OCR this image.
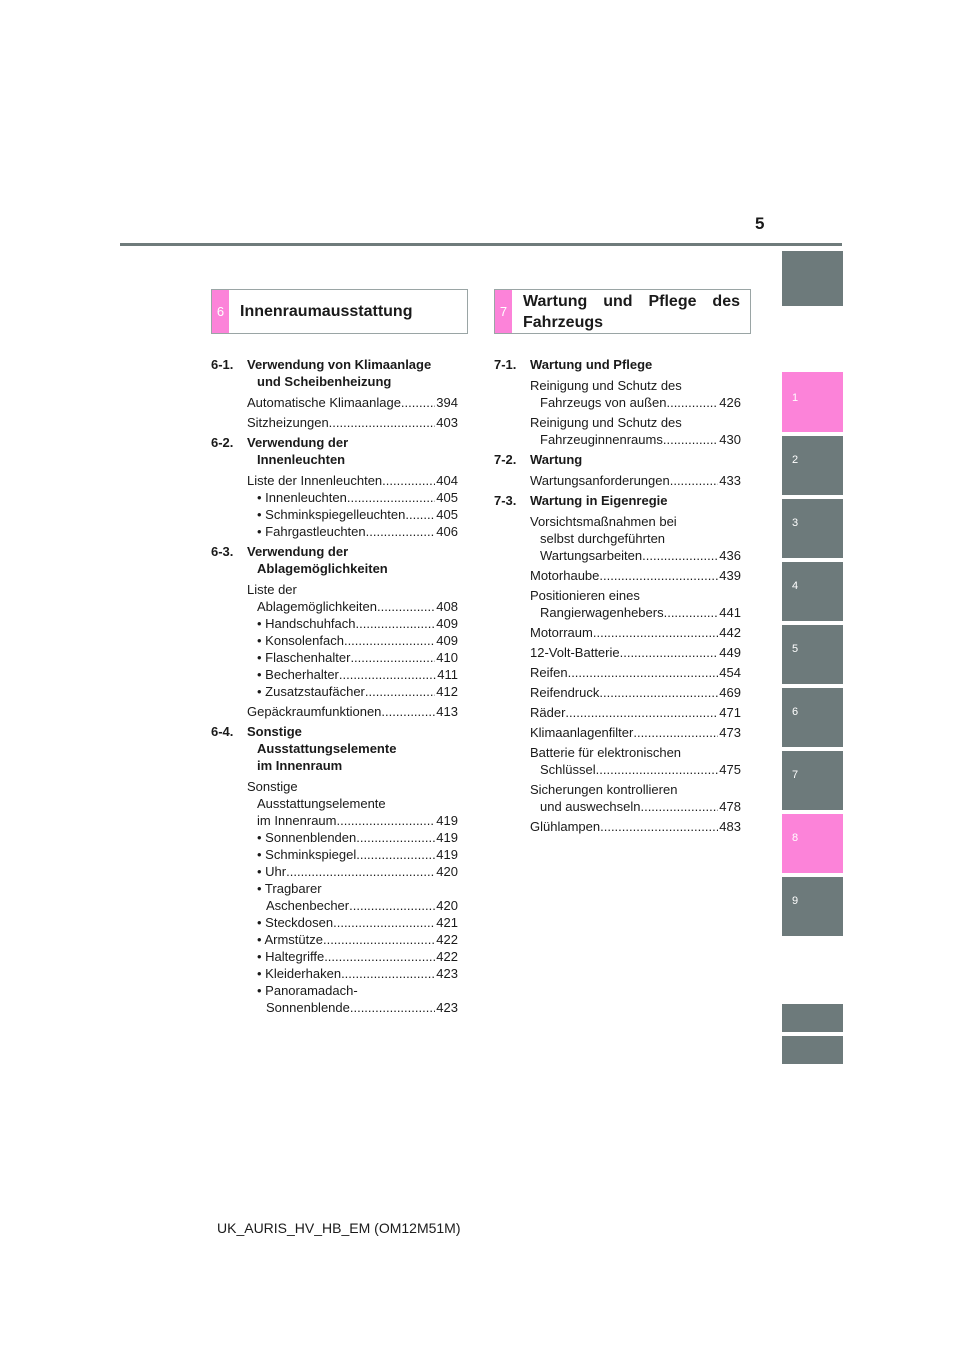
5
1
2
3
4
5
6
7
8
9
6 Innenraumausstattung	7
Wartung und Pflege des
Fahrzeugs
6-1.	Verwendung von Klimaanlage
und Scheibenheizung
Automatische Klimaanlage .....	394
Sitzheizungen .....	403
6-2.	Verwendung der
Innenleuchten
Liste der Innenleuchten .....	404
• Innenleuchten .....	405
• Schminkspiegelleuchten ..... 405
• Fahrgastleuchten .....	406
6-3.	Verwendung der
Ablagemöglichkeiten
Liste der
Ablagemöglichkeiten .....	408
• Handschuhfach .....	409
• Konsolenfach .....	409
• Flaschenhalter .....	410
• Becherhalter .....	411
• Zusatzstaufächer .....	412
Gepäckraumfunktionen .....	413
6-4.	Sonstige
Ausstattungselemente
im Innenraum
Sonstige
Ausstattungselemente
im Innenraum .....	419
• Sonnenblenden .....	419
• Schminkspiegel .....	419
• Uhr .....	420
• Tragbarer
Aschenbecher .....	420
• Steckdosen .....	421
• Armstütze .....	422
• Haltegriffe .....	422
• Kleiderhaken .....	423
• Panoramadach-
Sonnenblende .....	423
7-1.	Wartung und Pflege
Reinigung und Schutz des
Fahrzeugs von außen .....	426
Reinigung und Schutz des
Fahrzeuginnenraums .....	430
7-2.	Wartung
Wartungsanforderungen .....	433
7-3.	Wartung in Eigenregie
Vorsichtsmaßnahmen bei
selbst durchgeführten
Wartungsarbeiten .....	436
Motorhaube .....	439
Positionieren eines
Rangierwagenhebers .....	441
Motorraum .....	442
12-Volt-Batterie .....	449
Reifen .....	454
Reifendruck .....	469
Räder .....	471
Klimaanlagenfilter .....	473
Batterie für elektronischen
Schlüssel .....	475
Sicherungen kontrollieren
und auswechseln .....	478
Glühlampen .....	483
UK_AURIS_HV_HB_EM (OM12M51M)
